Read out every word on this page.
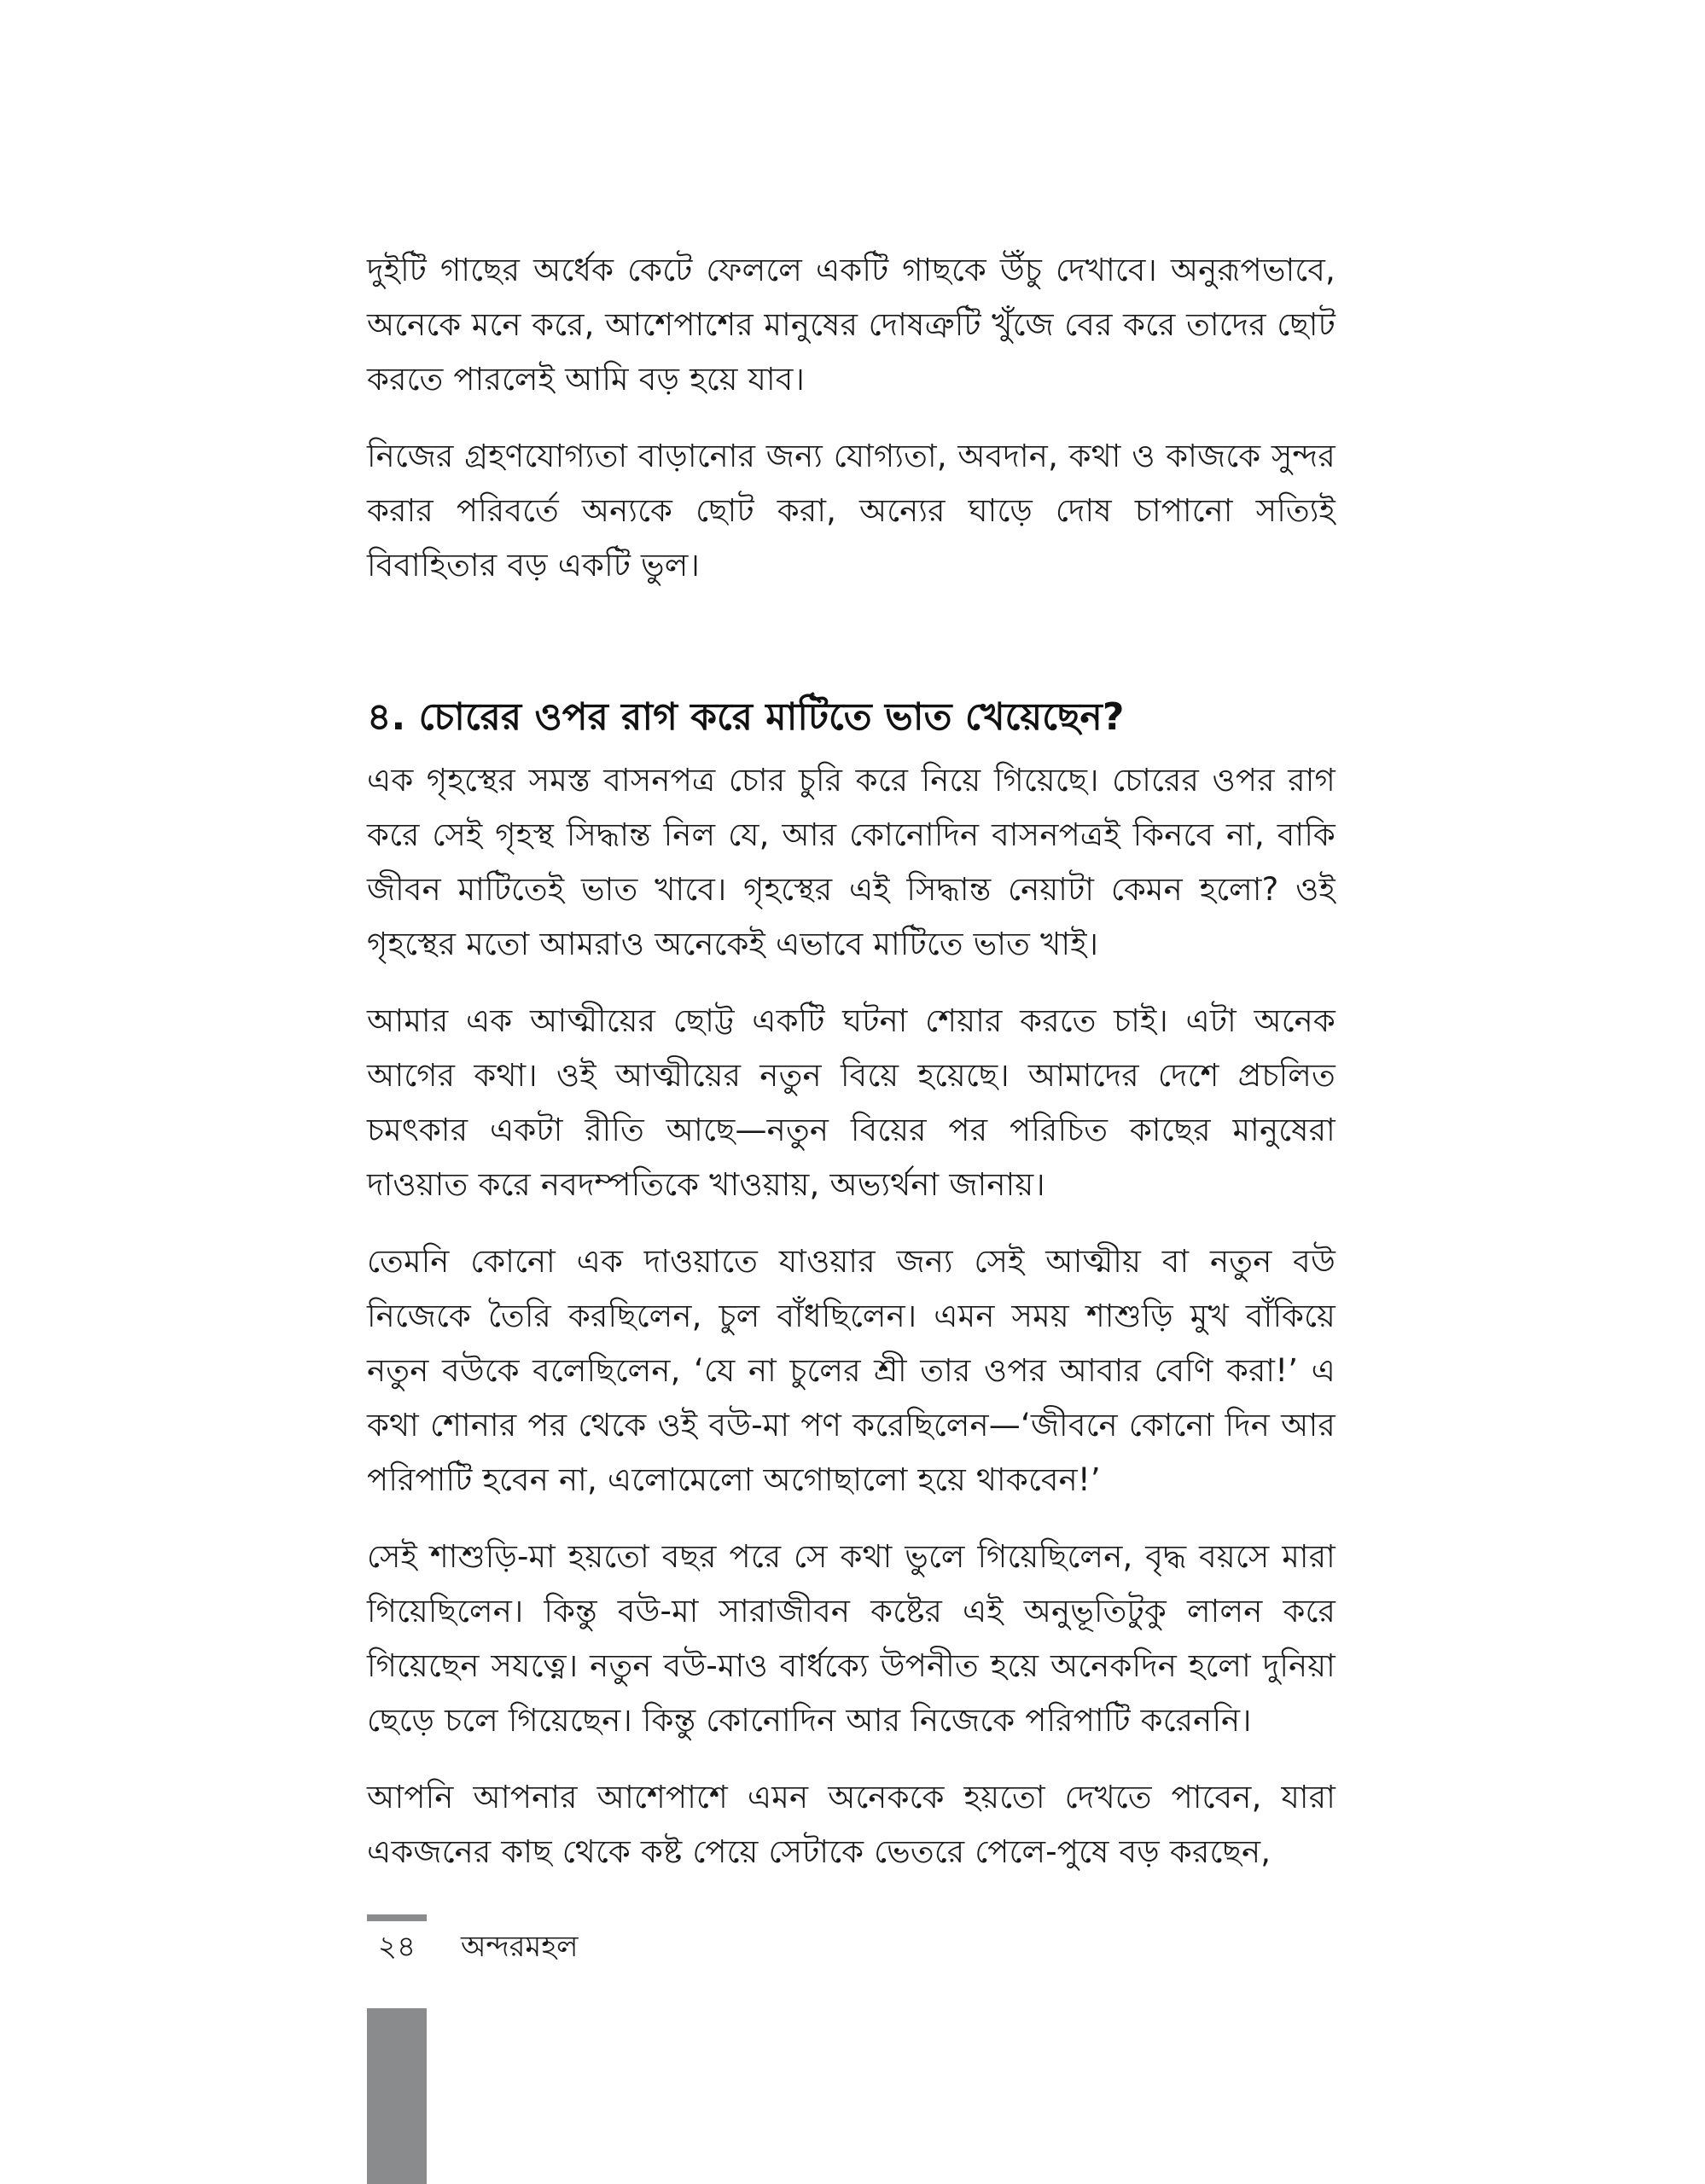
দুইটি গাছের অর্ধেক কেটে ফেললে একটি গাছকে উঁচু দেখাবে। অনুরূপভাবে, অনেকে মনে করে, আশেপাশের মানুষের দোষত্রুটি খুঁজে বের করে তাদের ছোট করতে পারলেই আমি বড় হয়ে যাব।

নিজের গ্রহণযোগ্যতা বাড়ানোর জন্য যোগ্যতা, অবদান, কথা ও কাজকে সুন্দর করার পরিবর্তে অন্যকে ছোট করা, অন্যের ঘাড়ে দোষ চাপানো সত্যিই বিবাহিতার বড় একটি ভুল।

৪. চোরের ওপর রাগ করে মাটিতে ভাত খেয়েছেন?

এক গৃহস্থের সমস্ত বাসনপত্র চোর চুরি করে নিয়ে গিয়েছে। চোরের ওপর রাগ করে সেই গৃহস্থ সিদ্ধান্ত নিল যে, আর কোনোদিন বাসনপত্রই কিনবে না, বাকি জীবন মাটিতেই ভাত খাবে। গৃহস্থের এই সিদ্ধান্ত নেয়াটা কেমন হলো? ওই গৃহস্থের মতো আমরাও অনেকেই এভাবে মাটিতে ভাত খাই।

আমার এক আত্মীয়ের ছোট্ট একটি ঘটনা শেয়ার করতে চাই। এটা অনেক আগের কথা। ওই আত্মীয়ের নতুন বিয়ে হয়েছে। আমাদের দেশে প্রচলিত চমৎকার একটা রীতি আছে—নতুন বিয়ের পর পরিচিত কাছের মানুষেরা দাওয়াত করে নবদম্পতিকে খাওয়ায়, অভ্যর্থনা জানায়।

তেমনি কোনো এক দাওয়াতে যাওয়ার জন্য সেই আত্মীয় বা নতুন বউ নিজেকে তৈরি করছিলেন, চুল বাঁধছিলেন। এমন সময় শাশুড়ি মুখ বাঁকিয়ে নতুন বউকে বলেছিলেন, ‘যে না চুলের শ্রী তার ওপর আবার বেণি করা!’ এ কথা শোনার পর থেকে ওই বউ-মা পণ করেছিলেন—‘জীবনে কোনো দিন আর পরিপাটি হবেন না, এলোমেলো অগোছালো হয়ে থাকবেন!’

সেই শাশুড়ি-মা হয়তো বছর পরে সে কথা ভুলে গিয়েছিলেন, বৃদ্ধ বয়সে মারা গিয়েছিলেন। কিন্তু বউ-মা সারাজীবন কষ্টের এই অনুভূতিটুকু লালন করে গিয়েছেন সযত্নে। নতুন বউ-মাও বার্ধক্যে উপনীত হয়ে অনেকদিন হলো দুনিয়া ছেড়ে চলে গিয়েছেন। কিন্তু কোনোদিন আর নিজেকে পরিপাটি করেননি।

আপনি আপনার আশেপাশে এমন অনেককে হয়তো দেখতে পাবেন, যারা একজনের কাছ থেকে কষ্ট পেয়ে সেটাকে ভেতরে পেলে-পুষে বড় করছেন,

২৪	অন্দরমহল
